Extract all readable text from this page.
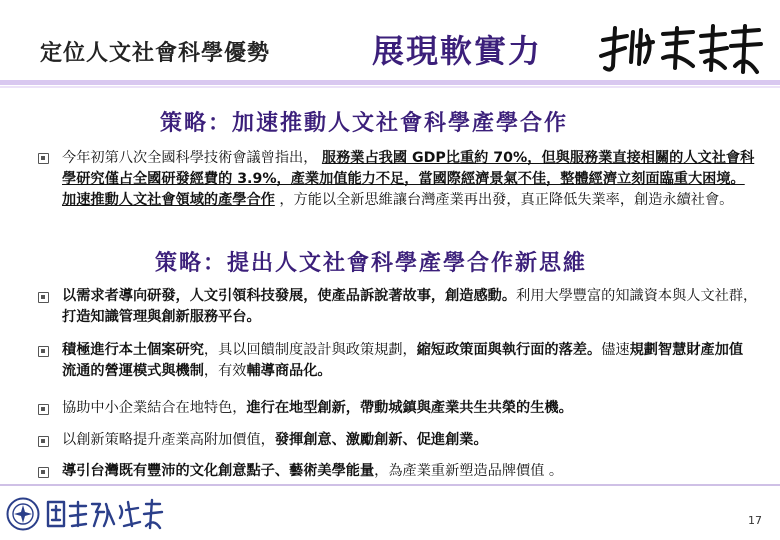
定位人文社會科學優勢	展現軟實力
策略：加速推動人文社會科學產學合作
今年初第八次全國科學技術會議曾指出， 服務業占我國 GDP比重約 70%，但與服務業直接相關的人文社會科學研究僅占全國研發經費的 3.9%，產業加值能力不足，當國際經濟景氣不佳，整體經濟立刻面臨重大困境。 加速推動人文社會領域的產學合作 ，方能以全新思維讓台灣產業再出發，真正降低失業率，創造永續社會。
策略：提出人文社會科學產學合作新思維
以需求者導向研發，人文引領科技發展，使產品訴說著故事，創造感動。利用大學豐富的知識資本與人文社群，打造知識管理與創新服務平台。
積極進行本土個案研究，具以回饋制度設計與政策規劃，縮短政策面與執行面的落差。儘速規劃智慧財產加值 流通的營運模式與機制，有效輔導商品化。
協助中小企業結合在地特色，進行在地型創新，帶動城鎮與產業共生共榮的生機。
以創新策略提升產業高附加價值，發揮創意、激勵創新、促進創業。
導引台灣既有豐沛的文化創意點子、藝術美學能量，為產業重新塑造品牌價值 。
17
